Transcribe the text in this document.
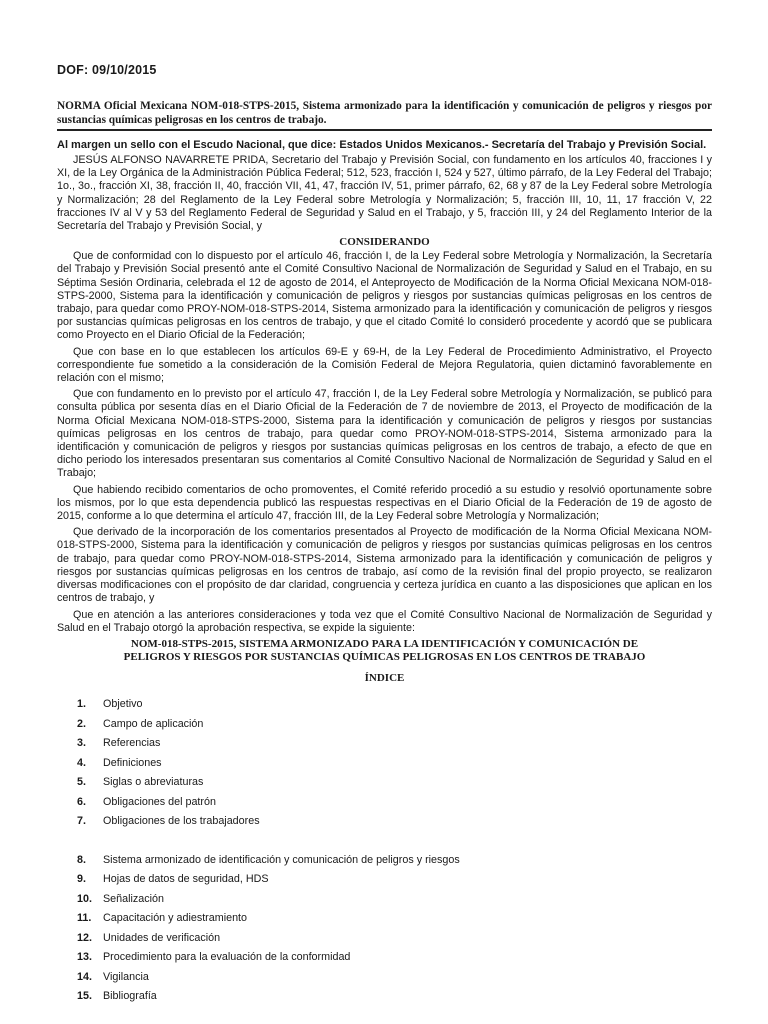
DOF: 09/10/2015
NORMA Oficial Mexicana NOM-018-STPS-2015, Sistema armonizado para la identificación y comunicación de peligros y riesgos por sustancias químicas peligrosas en los centros de trabajo.

Al margen un sello con el Escudo Nacional, que dice: Estados Unidos Mexicanos.- Secretaría del Trabajo y Previsión Social.

JESÚS ALFONSO NAVARRETE PRIDA, Secretario del Trabajo y Previsión Social, con fundamento en los artículos 40, fracciones I y XI, de la Ley Orgánica de la Administración Pública Federal; 512, 523, fracción I, 524 y 527, último párrafo, de la Ley Federal del Trabajo; 1o., 3o., fracción XI, 38, fracción II, 40, fracción VII, 41, 47, fracción IV, 51, primer párrafo, 62, 68 y 87 de la Ley Federal sobre Metrología y Normalización; 28 del Reglamento de la Ley Federal sobre Metrología y Normalización; 5, fracción III, 10, 11, 17 fracción V, 22 fracciones IV al V y 53 del Reglamento Federal de Seguridad y Salud en el Trabajo, y 5, fracción III, y 24 del Reglamento Interior de la Secretaría del Trabajo y Previsión Social, y

CONSIDERANDO

Que de conformidad con lo dispuesto por el artículo 46, fracción I, de la Ley Federal sobre Metrología y Normalización, la Secretaría del Trabajo y Previsión Social presentó ante el Comité Consultivo Nacional de Normalización de Seguridad y Salud en el Trabajo, en su Séptima Sesión Ordinaria, celebrada el 12 de agosto de 2014, el Anteproyecto de Modificación de la Norma Oficial Mexicana NOM-018-STPS-2000, Sistema para la identificación y comunicación de peligros y riesgos por sustancias químicas peligrosas en los centros de trabajo, para quedar como PROY-NOM-018-STPS-2014, Sistema armonizado para la identificación y comunicación de peligros y riesgos por sustancias químicas peligrosas en los centros de trabajo, y que el citado Comité lo consideró procedente y acordó que se publicara como Proyecto en el Diario Oficial de la Federación;

Que con base en lo que establecen los artículos 69-E y 69-H, de la Ley Federal de Procedimiento Administrativo, el Proyecto correspondiente fue sometido a la consideración de la Comisión Federal de Mejora Regulatoria, quien dictaminó favorablemente en relación con el mismo;

Que con fundamento en lo previsto por el artículo 47, fracción I, de la Ley Federal sobre Metrología y Normalización, se publicó para consulta pública por sesenta días en el Diario Oficial de la Federación de 7 de noviembre de 2013, el Proyecto de modificación de la Norma Oficial Mexicana NOM-018-STPS-2000, Sistema para la identificación y comunicación de peligros y riesgos por sustancias químicas peligrosas en los centros de trabajo, para quedar como PROY-NOM-018-STPS-2014, Sistema armonizado para la identificación y comunicación de peligros y riesgos por sustancias químicas peligrosas en los centros de trabajo, a efecto de que en dicho periodo los interesados presentaran sus comentarios al Comité Consultivo Nacional de Normalización de Seguridad y Salud en el Trabajo;

Que habiendo recibido comentarios de ocho promoventes, el Comité referido procedió a su estudio y resolvió oportunamente sobre los mismos, por lo que esta dependencia publicó las respuestas respectivas en el Diario Oficial de la Federación de 19 de agosto de 2015, conforme a lo que determina el artículo 47, fracción III, de la Ley Federal sobre Metrología y Normalización;

Que derivado de la incorporación de los comentarios presentados al Proyecto de modificación de la Norma Oficial Mexicana NOM-018-STPS-2000, Sistema para la identificación y comunicación de peligros y riesgos por sustancias químicas peligrosas en los centros de trabajo, para quedar como PROY-NOM-018-STPS-2014, Sistema armonizado para la identificación y comunicación de peligros y riesgos por sustancias químicas peligrosas en los centros de trabajo, así como de la revisión final del propio proyecto, se realizaron diversas modificaciones con el propósito de dar claridad, congruencia y certeza jurídica en cuanto a las disposiciones que aplican en los centros de trabajo, y

Que en atención a las anteriores consideraciones y toda vez que el Comité Consultivo Nacional de Normalización de Seguridad y Salud en el Trabajo otorgó la aprobación respectiva, se expide la siguiente:

NOM-018-STPS-2015, SISTEMA ARMONIZADO PARA LA IDENTIFICACIÓN Y COMUNICACIÓN DE
PELIGROS Y RIESGOS POR SUSTANCIAS QUÍMICAS PELIGROSAS EN LOS CENTROS DE TRABAJO
ÍNDICE
1.	Objetivo
2.	Campo de aplicación
3.	Referencias
4.	Definiciones
5.	Siglas o abreviaturas
6.	Obligaciones del patrón
7.	Obligaciones de los trabajadores
8.	Sistema armonizado de identificación y comunicación de peligros y riesgos
9.	Hojas de datos de seguridad, HDS
10.	Señalización
11.	Capacitación y adiestramiento
12.	Unidades de verificación
13.	Procedimiento para la evaluación de la conformidad
14.	Vigilancia
15.	Bibliografía
